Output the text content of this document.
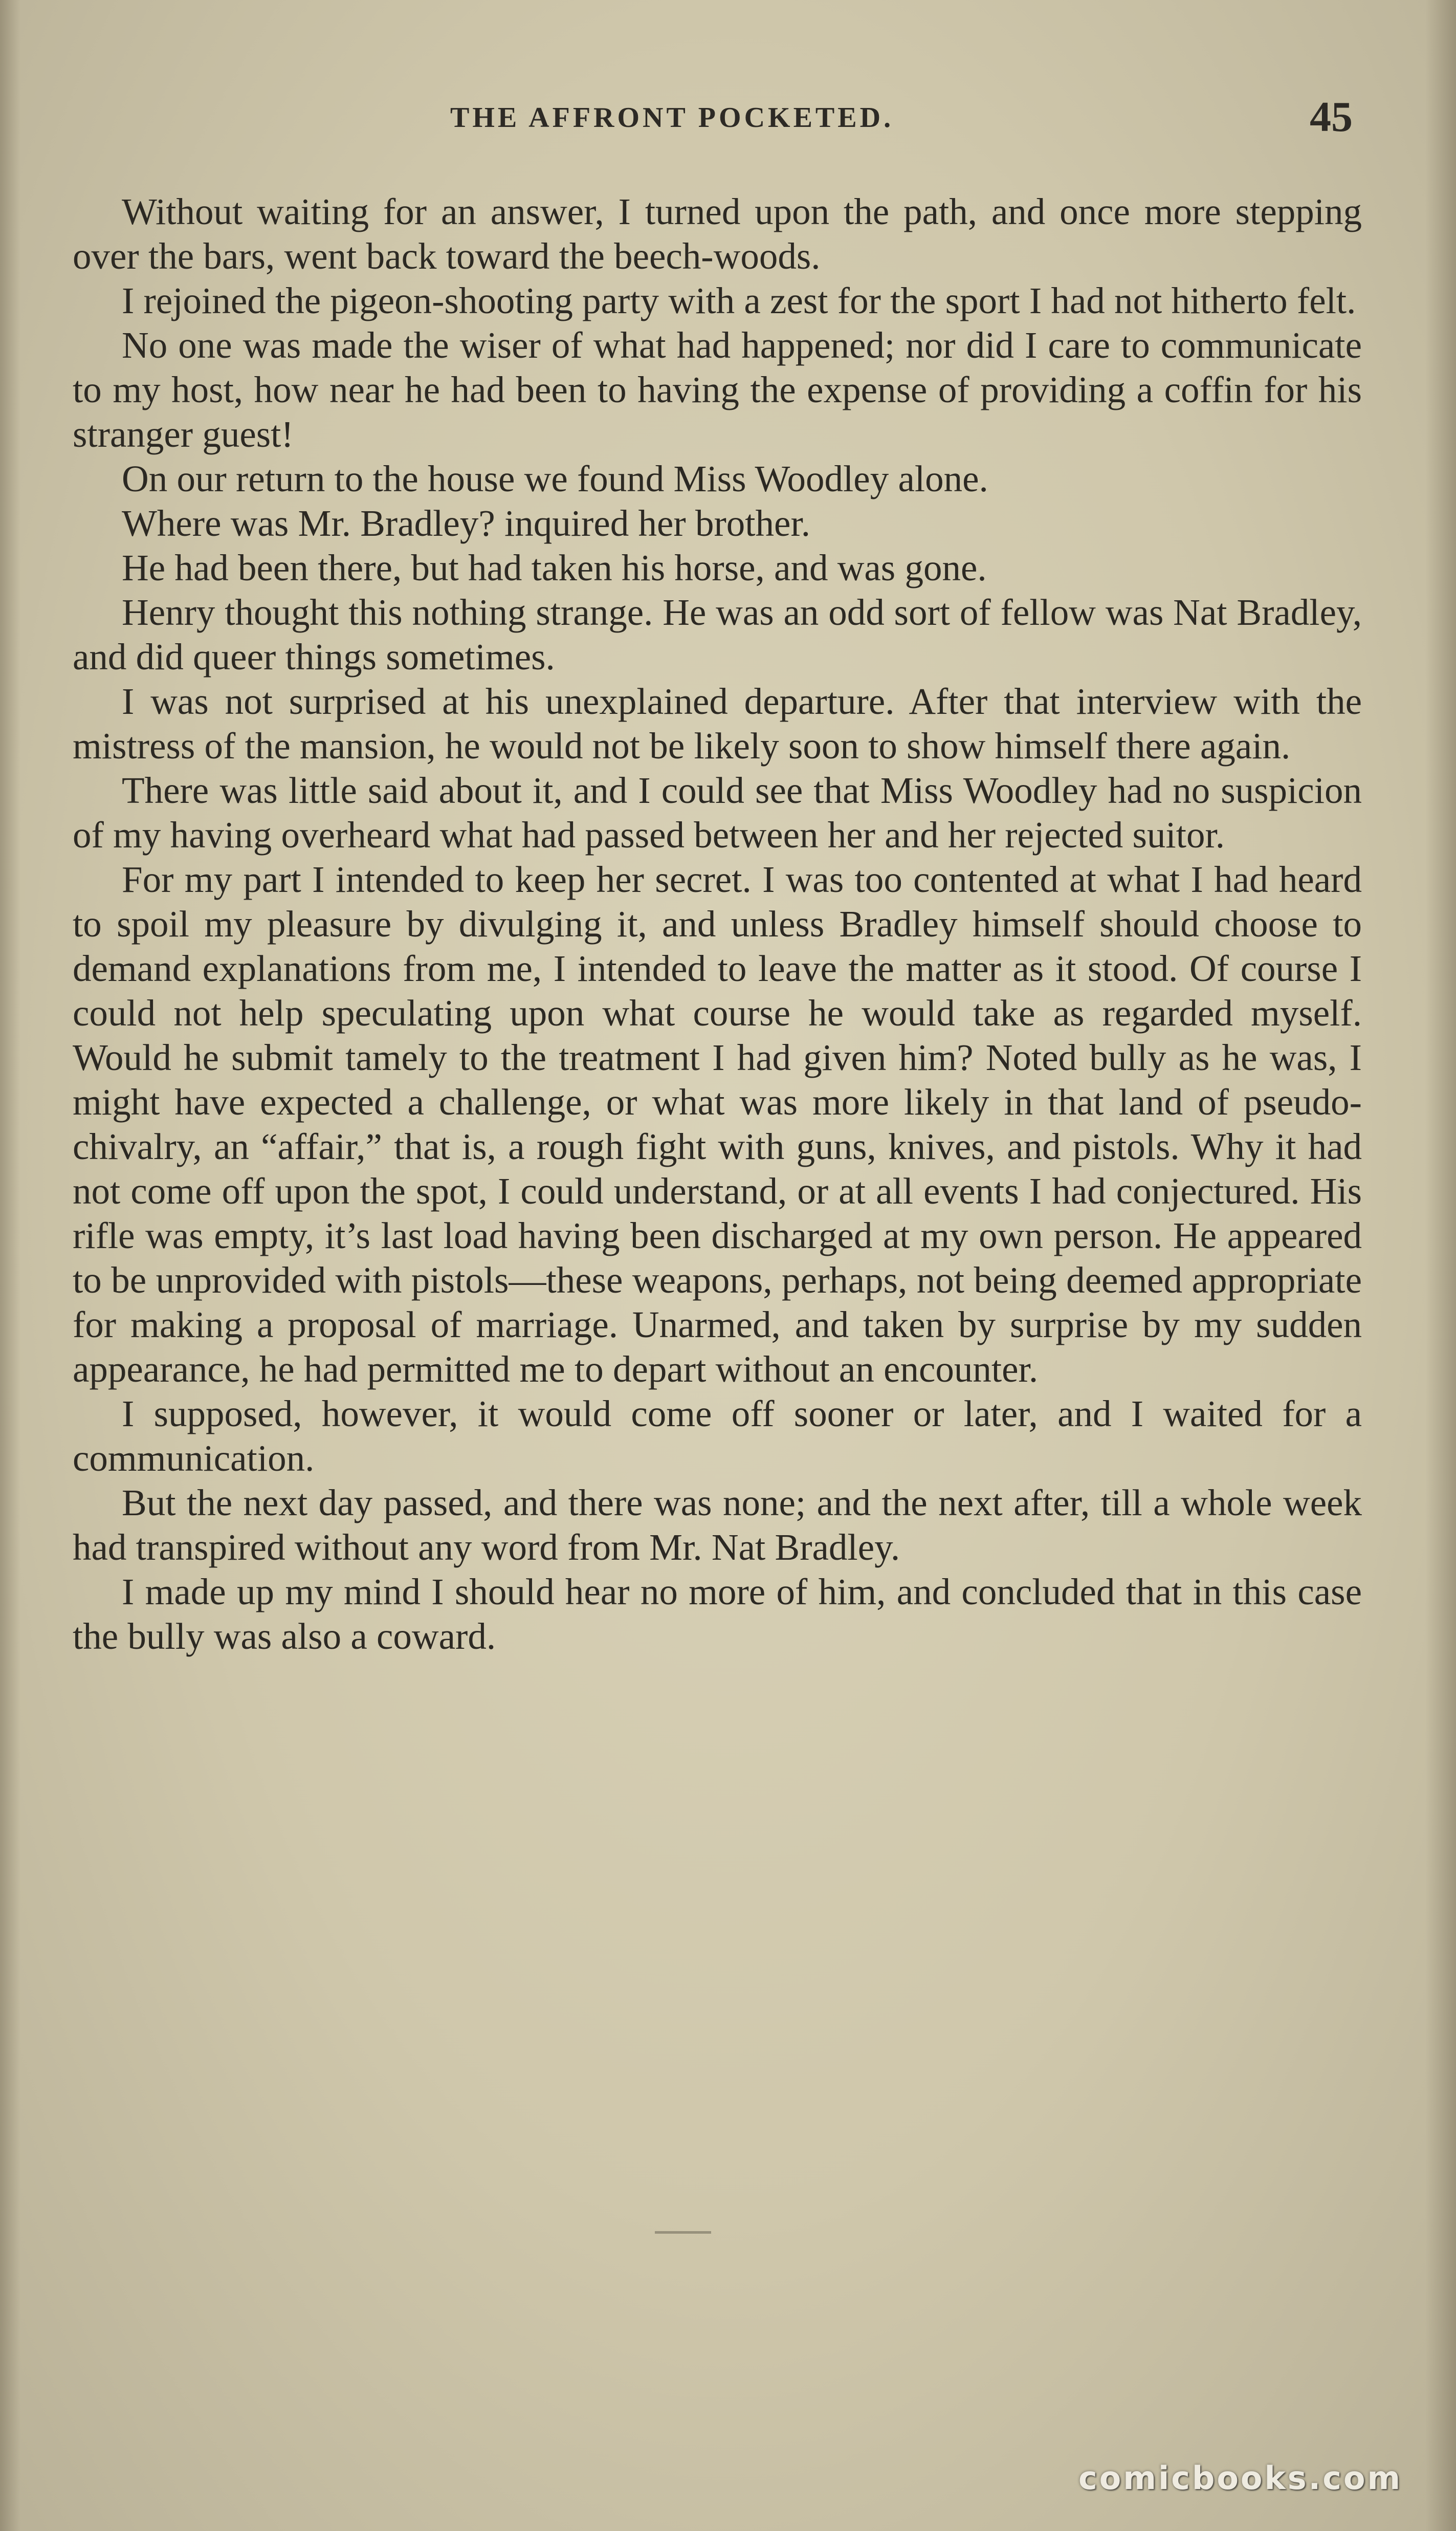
THE AFFRONT POCKETED.	45

Without waiting for an answer, I turned upon the path, and once more stepping over the bars, went back toward the beech-woods.

I rejoined the pigeon-shooting party with a zest for the sport I had not hitherto felt.

No one was made the wiser of what had happened; nor did I care to communicate to my host, how near he had been to having the expense of providing a coffin for his stranger guest!

On our return to the house we found Miss Woodley alone.

Where was Mr. Bradley? inquired her brother.

He had been there, but had taken his horse, and was gone.

Henry thought this nothing strange. He was an odd sort of fellow was Nat Bradley, and did queer things sometimes.

I was not surprised at his unexplained departure. After that interview with the mistress of the mansion, he would not be likely soon to show himself there again.

There was little said about it, and I could see that Miss Woodley had no suspicion of my having overheard what had passed between her and her rejected suitor.

For my part I intended to keep her secret. I was too contented at what I had heard to spoil my pleasure by divulging it, and unless Bradley himself should choose to demand explanations from me, I intended to leave the matter as it stood. Of course I could not help speculating upon what course he would take as regarded myself. Would he submit tamely to the treatment I had given him? Noted bully as he was, I might have expected a challenge, or what was more likely in that land of pseudo-chivalry, an “affair,” that is, a rough fight with guns, knives, and pistols. Why it had not come off upon the spot, I could understand, or at all events I had conjectured. His rifle was empty, it’s last load having been discharged at my own person. He appeared to be unprovided with pistols—these weapons, perhaps, not being deemed appropriate for making a proposal of marriage. Unarmed, and taken by surprise by my sudden appearance, he had permitted me to depart without an encounter.

I supposed, however, it would come off sooner or later, and I waited for a communication.

But the next day passed, and there was none; and the next after, till a whole week had transpired without any word from Mr. Nat Bradley.

I made up my mind I should hear no more of him, and concluded that in this case the bully was also a coward.

comicbooks.com
